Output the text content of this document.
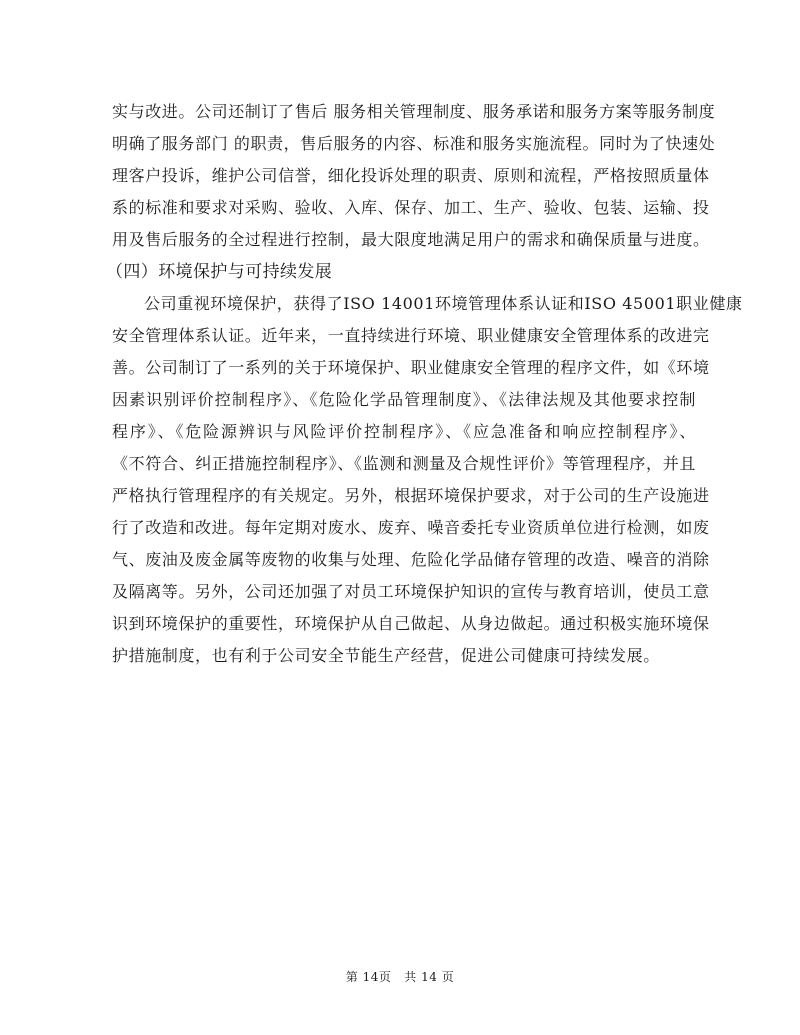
实与改进。公司还制订了售后 服务相关管理制度、服务承诺和服务方案等服务制度
明确了服务部门 的职责，售后服务的内容、标准和服务实施流程。同时为了快速处
理客户投诉，维护公司信誉，细化投诉处理的职责、原则和流程，严格按照质量体
系的标准和要求对采购、验收、入库、保存、加工、生产、验收、包装、运输、投
用及售后服务的全过程进行控制，最大限度地满足用户的需求和确保质量与进度。
（四）环境保护与可持续发展
公司重视环境保护，获得了ISO 14001环境管理体系认证和ISO 45001职业健康
安全管理体系认证。近年来，一直持续进行环境、职业健康安全管理体系的改进完
善。公司制订了一系列的关于环境保护、职业健康安全管理的程序文件，如《环境
因素识别评价控制程序》、《危险化学品管理制度》、《法律法规及其他要求控制
程序》、《危险源辨识与风险评价控制程序》、《应急准备和响应控制程序》、
《不符合、纠正措施控制程序》、《监测和测量及合规性评价》等管理程序，并且
严格执行管理程序的有关规定。另外，根据环境保护要求，对于公司的生产设施进
行了改造和改进。每年定期对废水、废弃、噪音委托专业资质单位进行检测，如废
气、废油及废金属等废物的收集与处理、危险化学品储存管理的改造、噪音的消除
及隔离等。另外，公司还加强了对员工环境保护知识的宣传与教育培训，使员工意
识到环境保护的重要性，环境保护从自己做起、从身边做起。通过积极实施环境保
护措施制度，也有利于公司安全节能生产经营，促进公司健康可持续发展。
第 14页   共 14 页
